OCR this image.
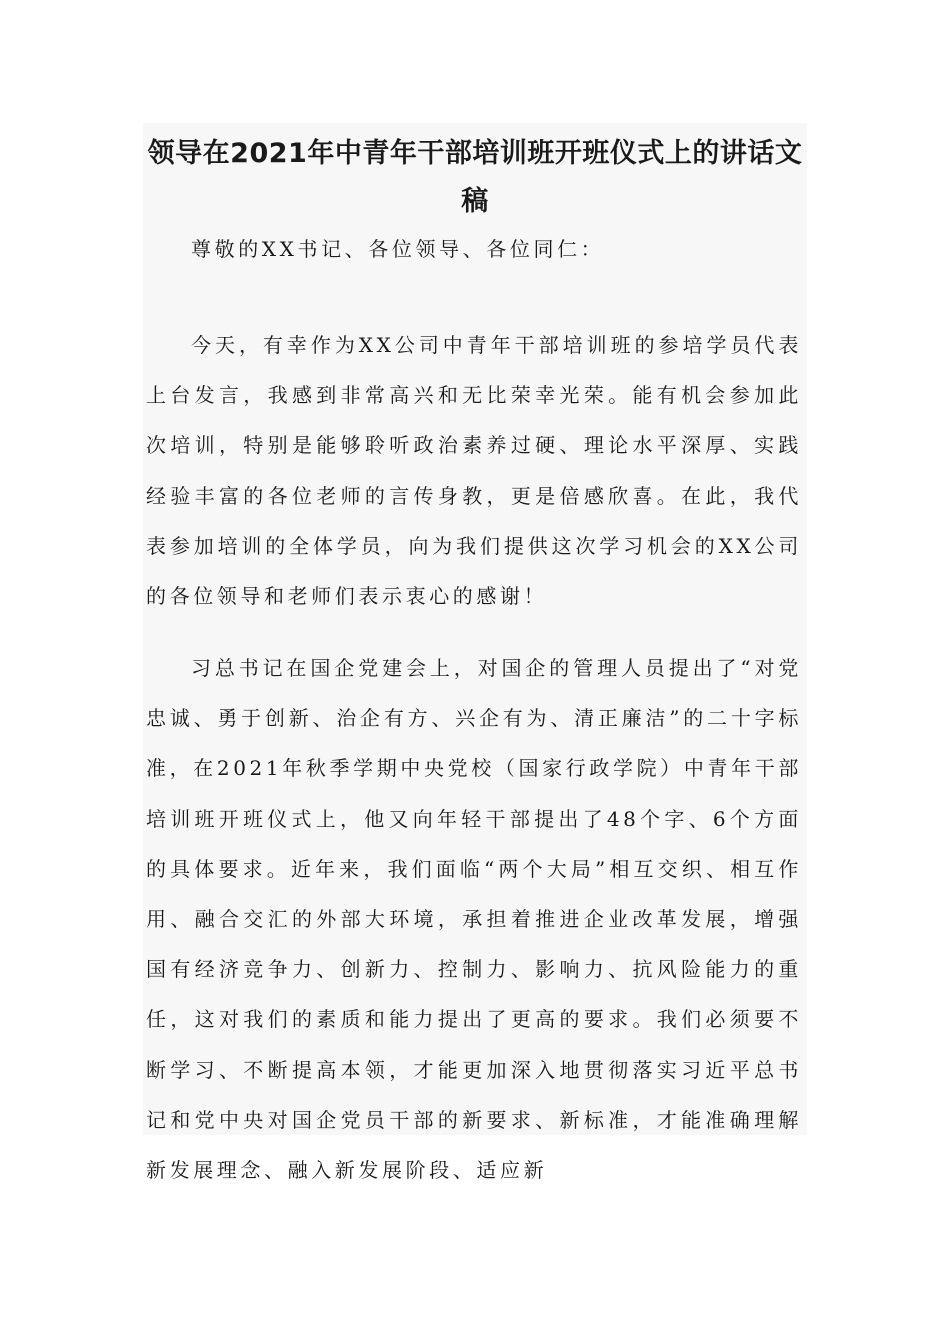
领导在2021年中青年干部培训班开班仪式上的讲话文稿

尊敬的XX书记、各位领导、各位同仁：

今天，有幸作为XX公司中青年干部培训班的参培学员代表上台发言，我感到非常高兴和无比荣幸光荣。能有机会参加此次培训，特别是能够聆听政治素养过硬、理论水平深厚、实践经验丰富的各位老师的言传身教，更是倍感欣喜。在此，我代表参加培训的全体学员，向为我们提供这次学习机会的XX公司的各位领导和老师们表示衷心的感谢！

习总书记在国企党建会上，对国企的管理人员提出了“对党忠诚、勇于创新、治企有方、兴企有为、清正廉洁”的二十字标准，在2021年秋季学期中央党校（国家行政学院）中青年干部培训班开班仪式上，他又向年轻干部提出了48个字、6个方面的具体要求。近年来，我们面临“两个大局”相互交织、相互作用、融合交汇的外部大环境，承担着推进企业改革发展，增强国有经济竞争力、创新力、控制力、影响力、抗风险能力的重任，这对我们的素质和能力提出了更高的要求。我们必须要不断学习、不断提高本领，才能更加深入地贯彻落实习近平总书记和党中央对国企党员干部的新要求、新标准，才能准确理解新发展理念、融入新发展阶段、适应新
